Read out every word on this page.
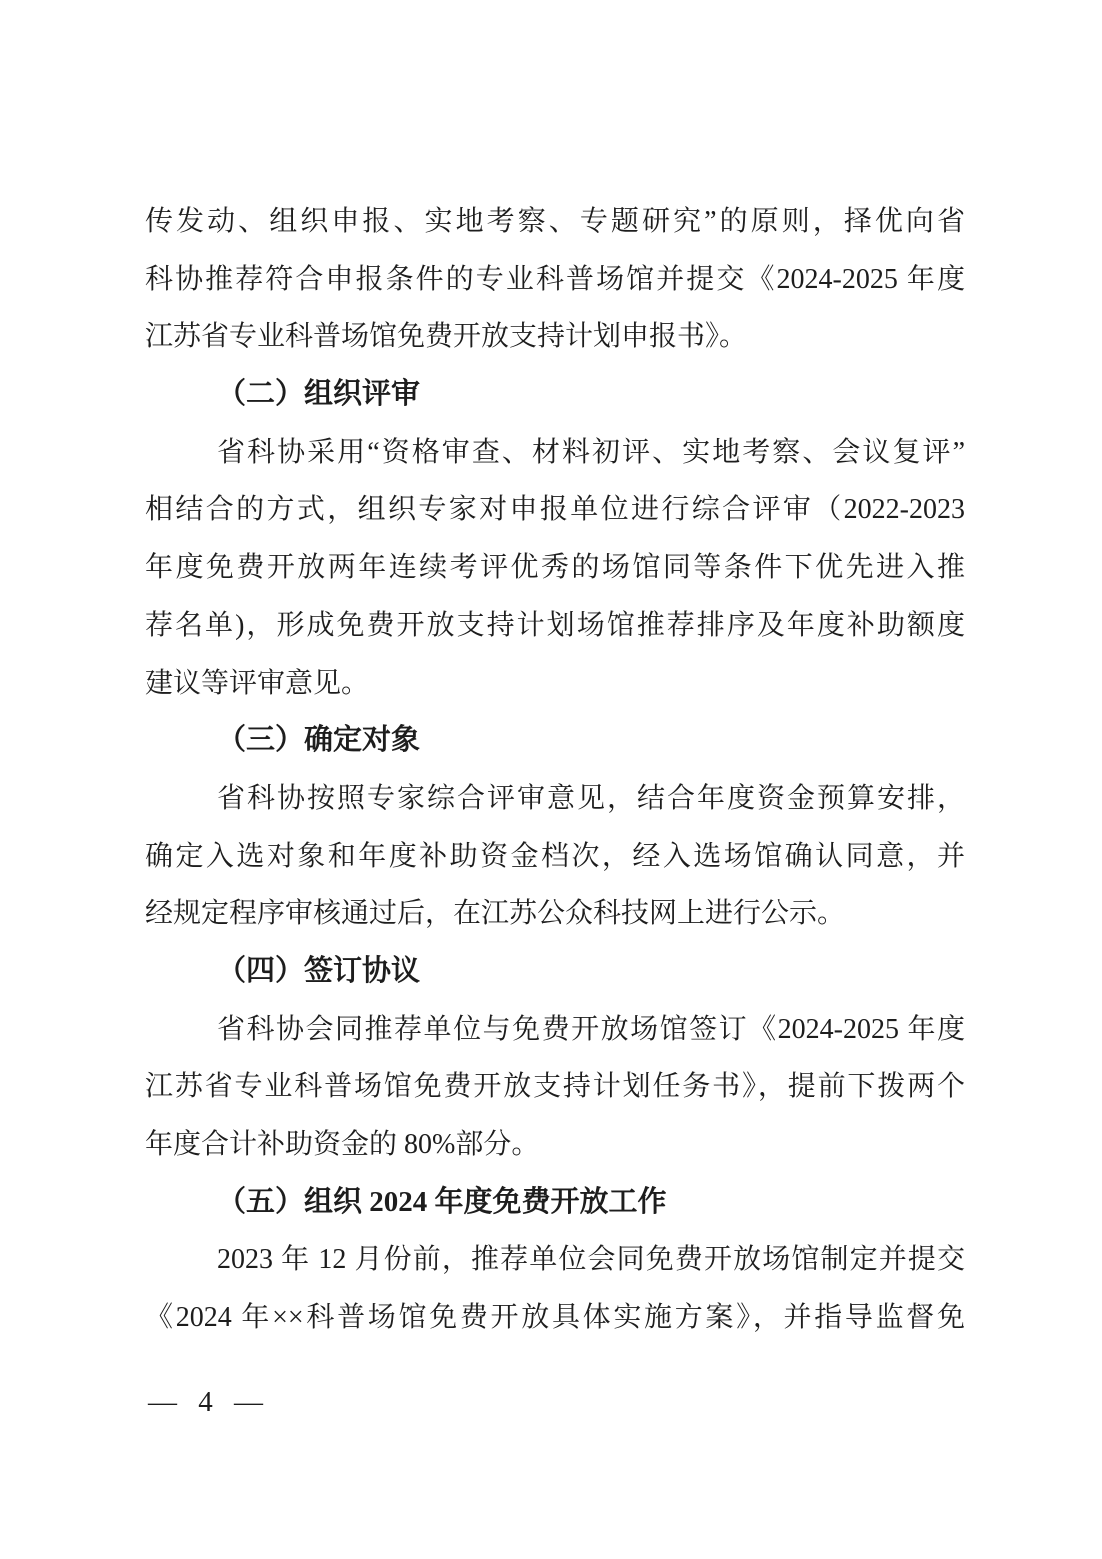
传发动、组织申报、实地考察、专题研究”的原则，择优向省
科协推荐符合申报条件的专业科普场馆并提交《2024-2025 年度
江苏省专业科普场馆免费开放支持计划申报书》。
（二）组织评审
省科协采用“资格审查、材料初评、实地考察、会议复评”
相结合的方式，组织专家对申报单位进行综合评审（2022-2023
年度免费开放两年连续考评优秀的场馆同等条件下优先进入推
荐名单)，形成免费开放支持计划场馆推荐排序及年度补助额度
建议等评审意见。
（三）确定对象
省科协按照专家综合评审意见，结合年度资金预算安排，
确定入选对象和年度补助资金档次，经入选场馆确认同意，并
经规定程序审核通过后，在江苏公众科技网上进行公示。
（四）签订协议
省科协会同推荐单位与免费开放场馆签订《2024-2025 年度
江苏省专业科普场馆免费开放支持计划任务书》，提前下拨两个
年度合计补助资金的 80%部分。
（五）组织 2024 年度免费开放工作
2023 年 12 月份前，推荐单位会同免费开放场馆制定并提交
《2024 年××科普场馆免费开放具体实施方案》，并指导监督免
— 4 —
